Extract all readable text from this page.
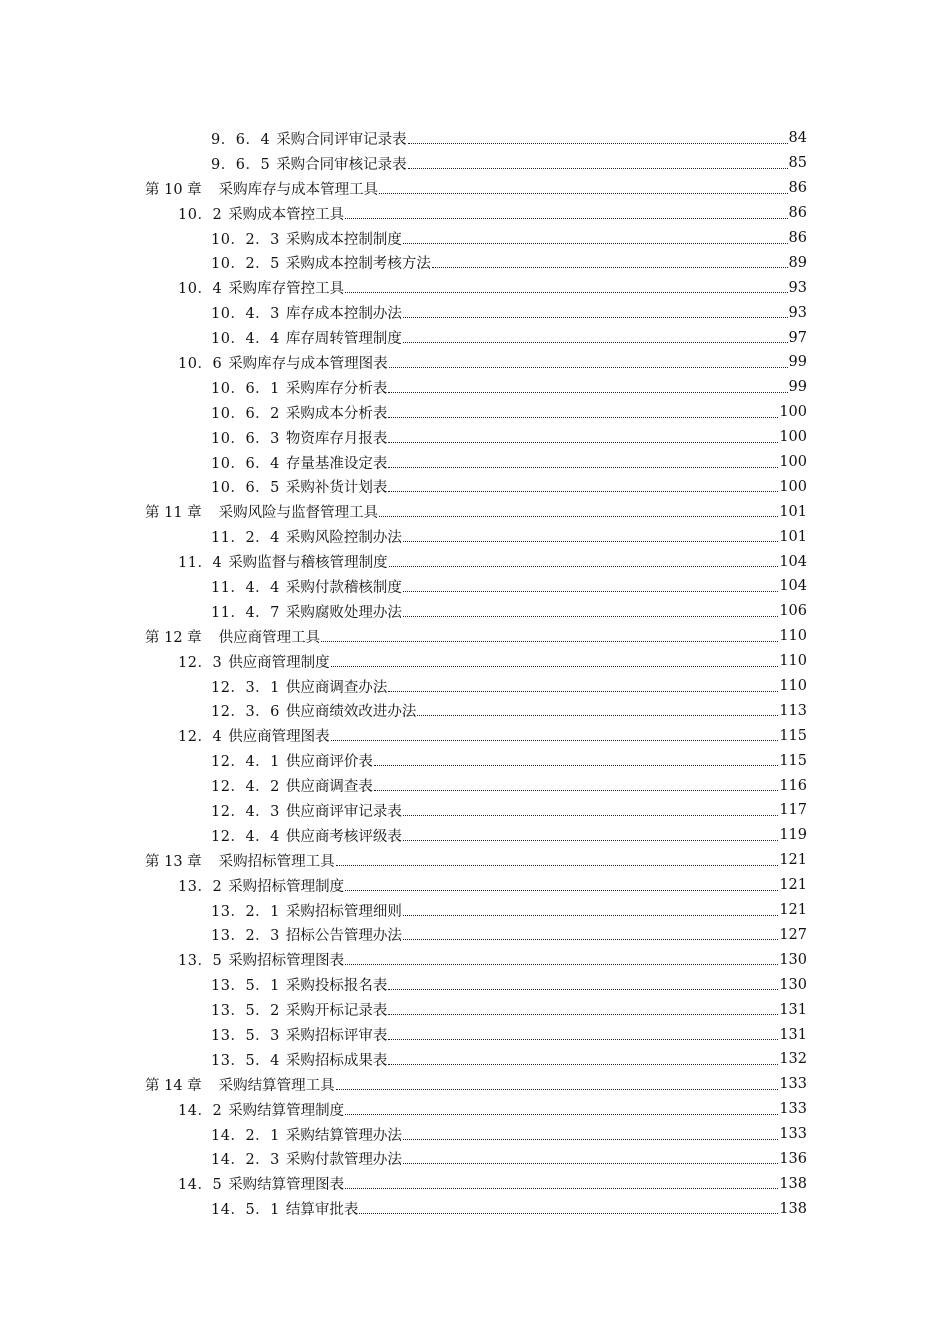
9．6．4 采购合同评审记录表	84
9．6．5 采购合同审核记录表	85
第 10 章 采购库存与成本管理工具	86
10．2 采购成本管控工具	86
10．2．3 采购成本控制制度	86
10．2．5 采购成本控制考核方法	89
10．4 采购库存管控工具	93
10．4．3 库存成本控制办法	93
10．4．4 库存周转管理制度	97
10．6 采购库存与成本管理图表	99
10．6．1 采购库存分析表	99
10．6．2 采购成本分析表	100
10．6．3 物资库存月报表	100
10．6．4 存量基准设定表	100
10．6．5 采购补货计划表	100
第 11 章 采购风险与监督管理工具	101
11．2．4 采购风险控制办法	101
11．4 采购监督与稽核管理制度	104
11．4．4 采购付款稽核制度	104
11．4．7 采购腐败处理办法	106
第 12 章 供应商管理工具	110
12．3 供应商管理制度	110
12．3．1 供应商调查办法	110
12．3．6 供应商绩效改进办法	113
12．4 供应商管理图表	115
12．4．1 供应商评价表	115
12．4．2 供应商调查表	116
12．4．3 供应商评审记录表	117
12．4．4 供应商考核评级表	119
第 13 章 采购招标管理工具	121
13．2 采购招标管理制度	121
13．2．1 采购招标管理细则	121
13．2．3 招标公告管理办法	127
13．5 采购招标管理图表	130
13．5．1 采购投标报名表	130
13．5．2 采购开标记录表	131
13．5．3 采购招标评审表	131
13．5．4 采购招标成果表	132
第 14 章 采购结算管理工具	133
14．2 采购结算管理制度	133
14．2．1 采购结算管理办法	133
14．2．3 采购付款管理办法	136
14．5 采购结算管理图表	138
14．5．1 结算审批表	138
